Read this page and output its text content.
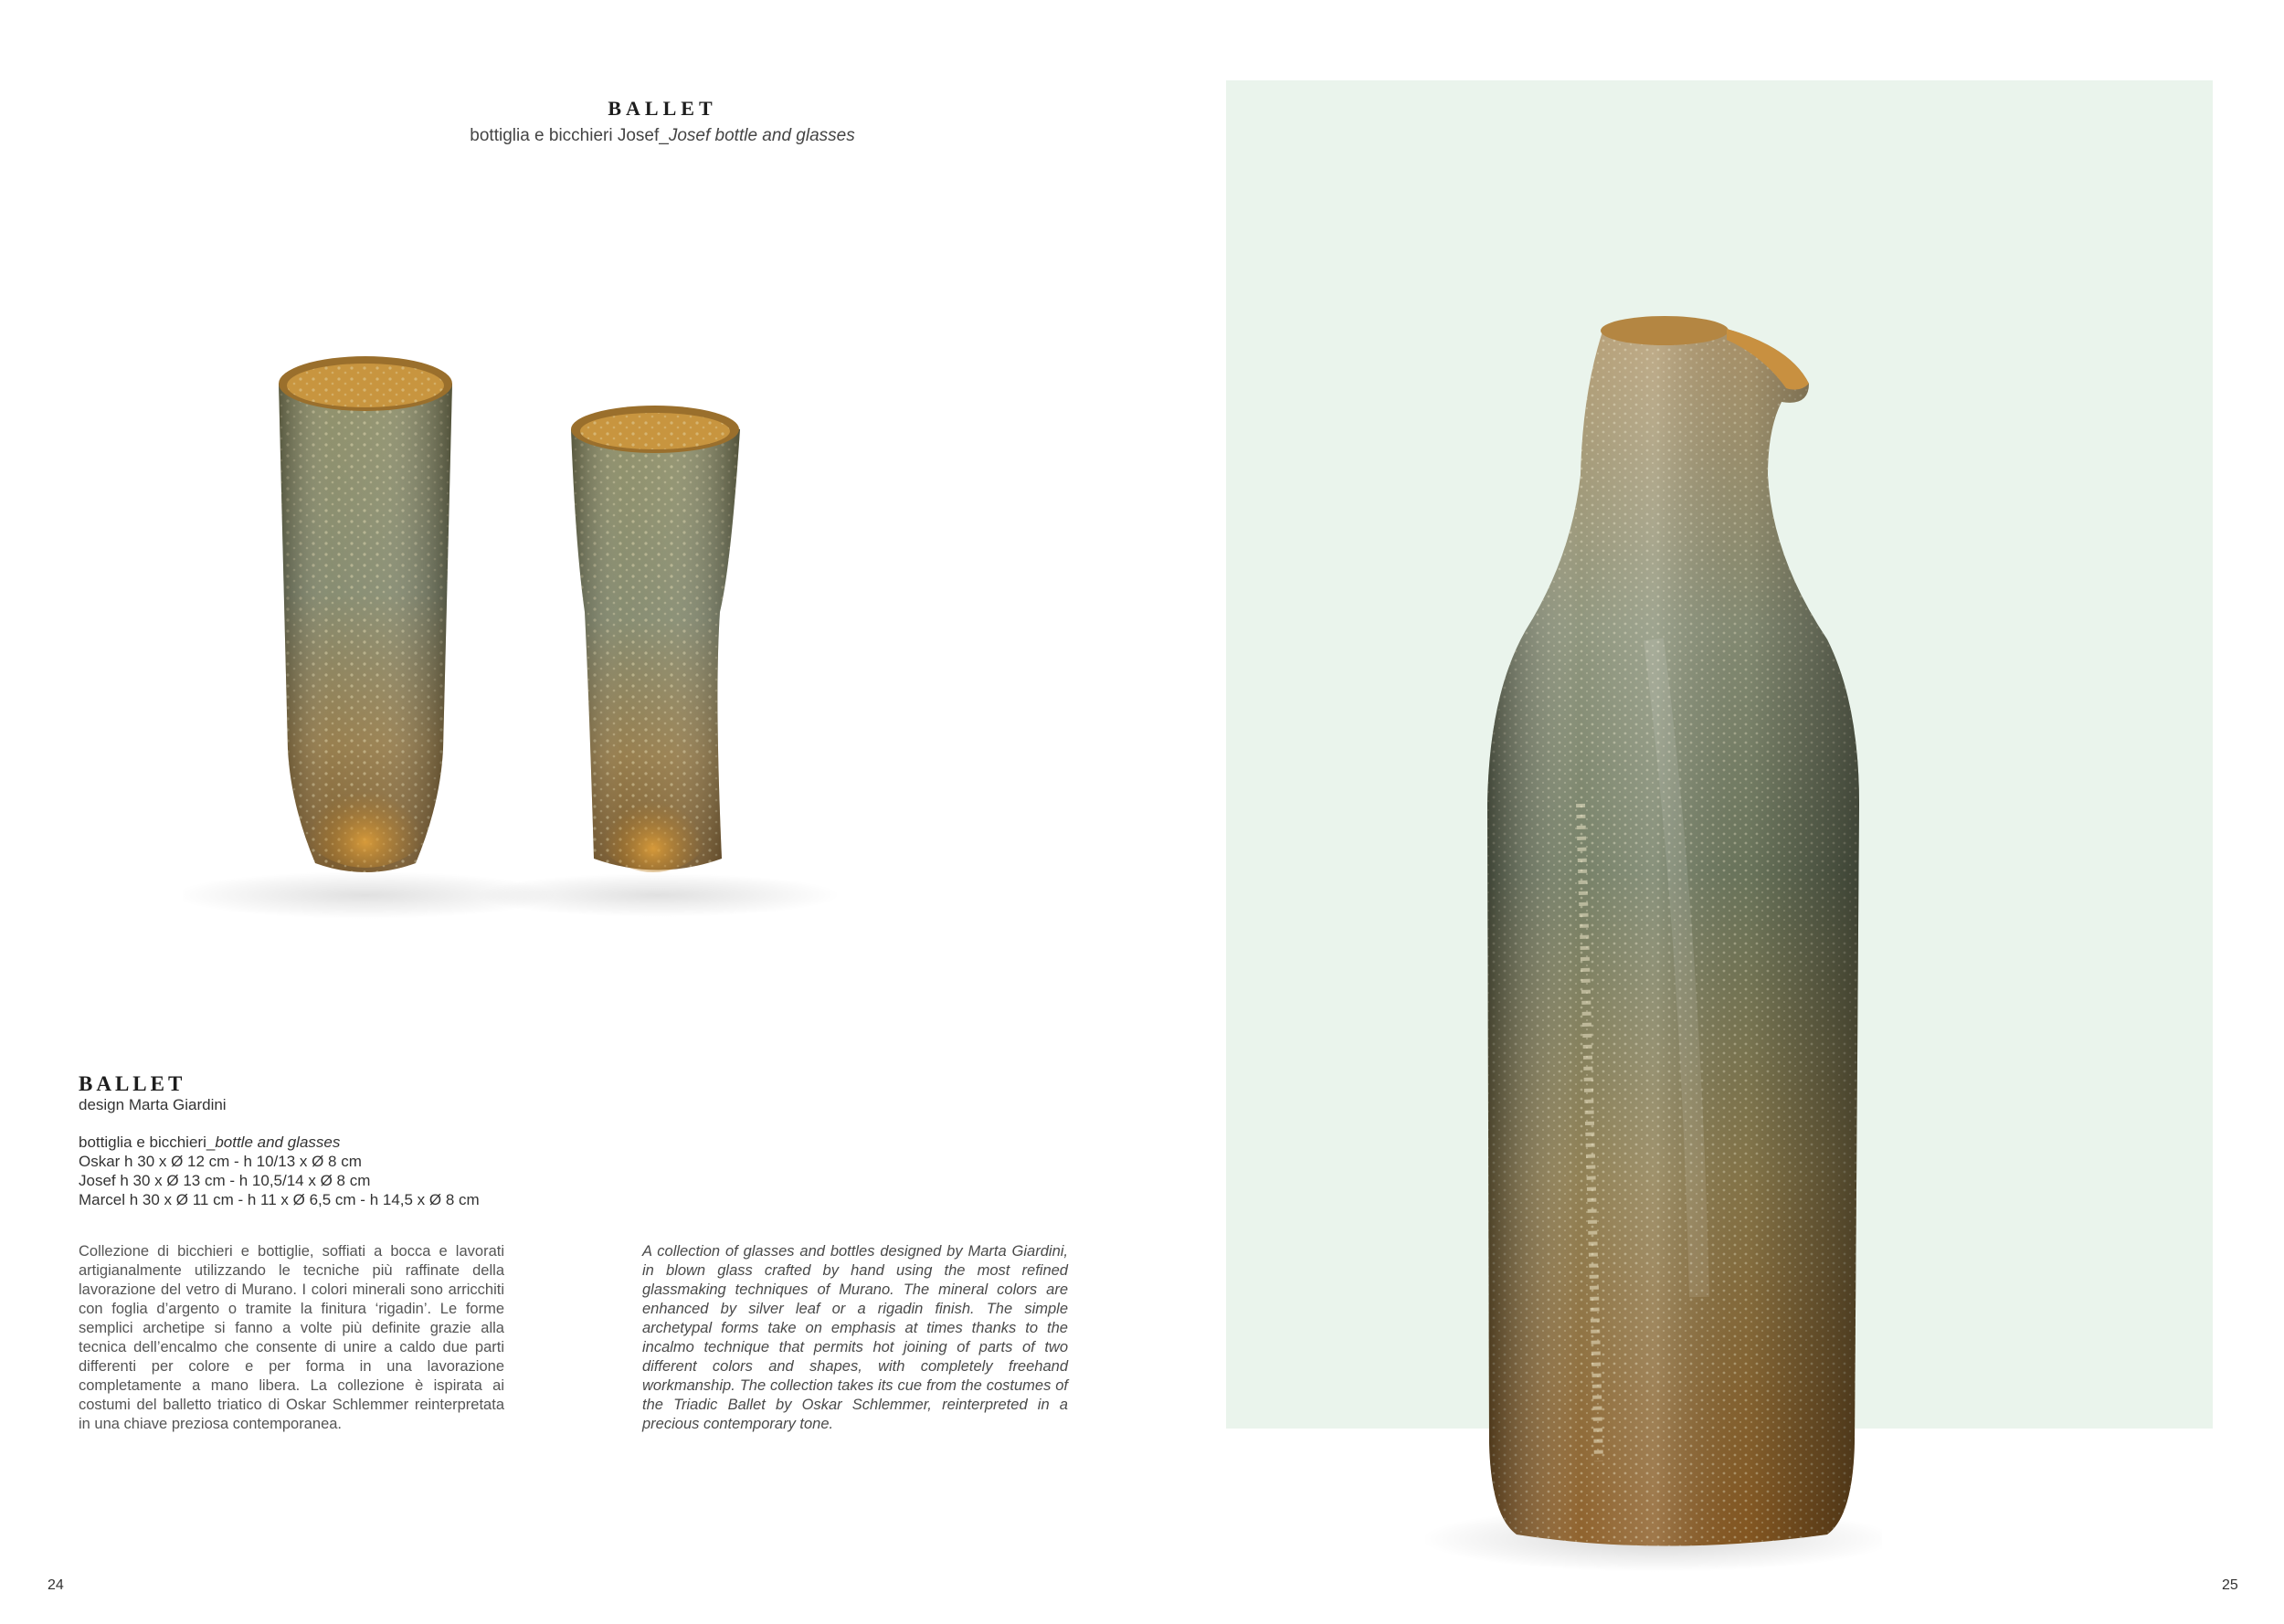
BALLET
bottiglia e bicchieri Josef_Josef bottle and glasses
BALLET
design Marta Giardini
bottiglia e bicchieri_bottle and glasses
Oskar h 30 x Ø 12 cm - h 10/13 x Ø 8 cm
Josef h 30 x Ø 13 cm - h 10,5/14 x Ø 8 cm
Marcel h 30 x Ø 11 cm - h 11 x Ø 6,5 cm - h 14,5 x Ø 8 cm
Collezione di bicchieri e bottiglie, soffiati a bocca e lavorati artigianalmente utilizzando le tecniche più raffinate della lavorazione del vetro di Murano. I colori minerali sono arricchiti con foglia d’argento o tramite la finitura ‘rigadin’. Le forme semplici archetipe si fanno a volte più definite grazie alla tecnica dell’encalmo che consente di unire a caldo due parti differenti per colore e per forma in una lavorazione completamente a mano libera. La collezione è ispirata ai costumi del balletto triatico di Oskar Schlemmer reinterpretata in una chiave preziosa contemporanea.
A collection of glasses and bottles designed by Marta Giardini, in blown glass crafted by hand using the most refined glassmaking techniques of Murano. The mineral colors are enhanced by silver leaf or a rigadin finish. The simple archetypal forms take on emphasis at times thanks to the incalmo technique that permits hot joining of parts of two different colors and shapes, with completely freehand workmanship. The collection takes its cue from the costumes of the Triadic Ballet by Oskar Schlemmer, reinterpreted in a precious contemporary tone.
24	25
